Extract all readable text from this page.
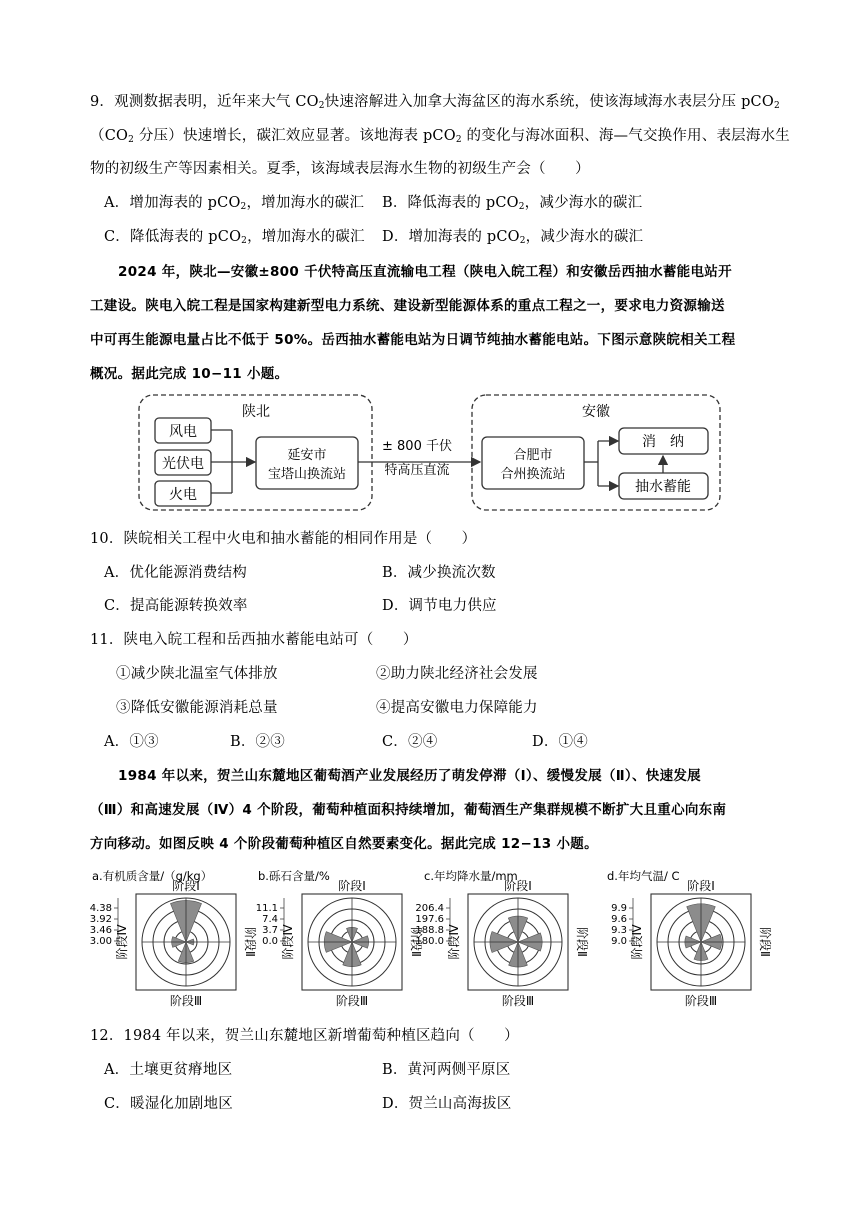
9．观测数据表明，近年来大气 $CO_2$快速溶解进入加拿大海盆区的海水系统，使该海域海水表层分压 pCO$_2$
（$CO_2$ 分压）快速增长，碳汇效应显著。该地海表 pCO$_2$ 的变化与海冰面积、海—气交换作用、表层海水生
物的初级生产等因素相关。夏季，该海域表层海水生物的初级生产会（　　）
A．增加海表的 pCO$_2$，增加海水的碳汇 B．降低海表的 pCO$_2$，减少海水的碳汇
C．降低海表的 pCO$_2$，增加海水的碳汇 D．增加海表的 pCO$_2$，减少海水的碳汇
2024 年，陕北—安徽±800 千伏特高压直流输电工程（陕电入皖工程）和安徽岳西抽水蓄能电站开
工建设。陕电入皖工程是国家构建新型电力系统、建设新型能源体系的重点工程之一，要求电力资源输送
中可再生能源电量占比不低于 50%。岳西抽水蓄能电站为日调节纯抽水蓄能电站。下图示意陕皖相关工程
概况。据此完成 10−11 小题。
陕北	安徽
风电
光伏电
火电
延安市
宝塔山换流站
± 800 千伏
特高压直流
合肥市
合州换流站
消　纳
抽水蓄能
10．陕皖相关工程中火电和抽水蓄能的相同作用是（　　）
A．优化能源消费结构	B．减少换流次数
C．提高能源转换效率	D．调节电力供应
11．陕电入皖工程和岳西抽水蓄能电站可（　　）
①减少陕北温室气体排放	②助力陕北经济社会发展
③降低安徽能源消耗总量	④提高安徽电力保障能力
A．①③	B．②③	C．②④	D．①④
1984 年以来，贺兰山东麓地区葡萄酒产业发展经历了萌发停滞（Ⅰ）、缓慢发展（Ⅱ）、快速发展
（Ⅲ）和高速发展（Ⅳ）4 个阶段，葡萄种植面积持续增加，葡萄酒生产集群规模不断扩大且重心向东南
方向移动。如图反映 4 个阶段葡萄种植区自然要素变化。据此完成 12−13 小题。
a.有机质含量/（g/kg）
4.38
3.92
3.46
3.00
阶段Ⅰ
阶段Ⅲ
阶段Ⅱ
阶段Ⅳ
b.砾石含量/%
11.1
7.4
3.7
0.0
阶段Ⅰ
阶段Ⅲ
阶段Ⅱ
阶段Ⅳ
c.年均降水量/mm
206.4
197.6
188.8
180.0
阶段Ⅰ
阶段Ⅲ
阶段Ⅱ
阶段Ⅳ
d.年均气温/ C
9.9
9.6
9.3
9.0
阶段Ⅰ
阶段Ⅲ
阶段Ⅱ
阶段Ⅳ
12．1984 年以来，贺兰山东麓地区新增葡萄种植区趋向（　　）
A．土壤更贫瘠地区	B．黄河两侧平原区
C．暖湿化加剧地区	D．贺兰山高海拔区
